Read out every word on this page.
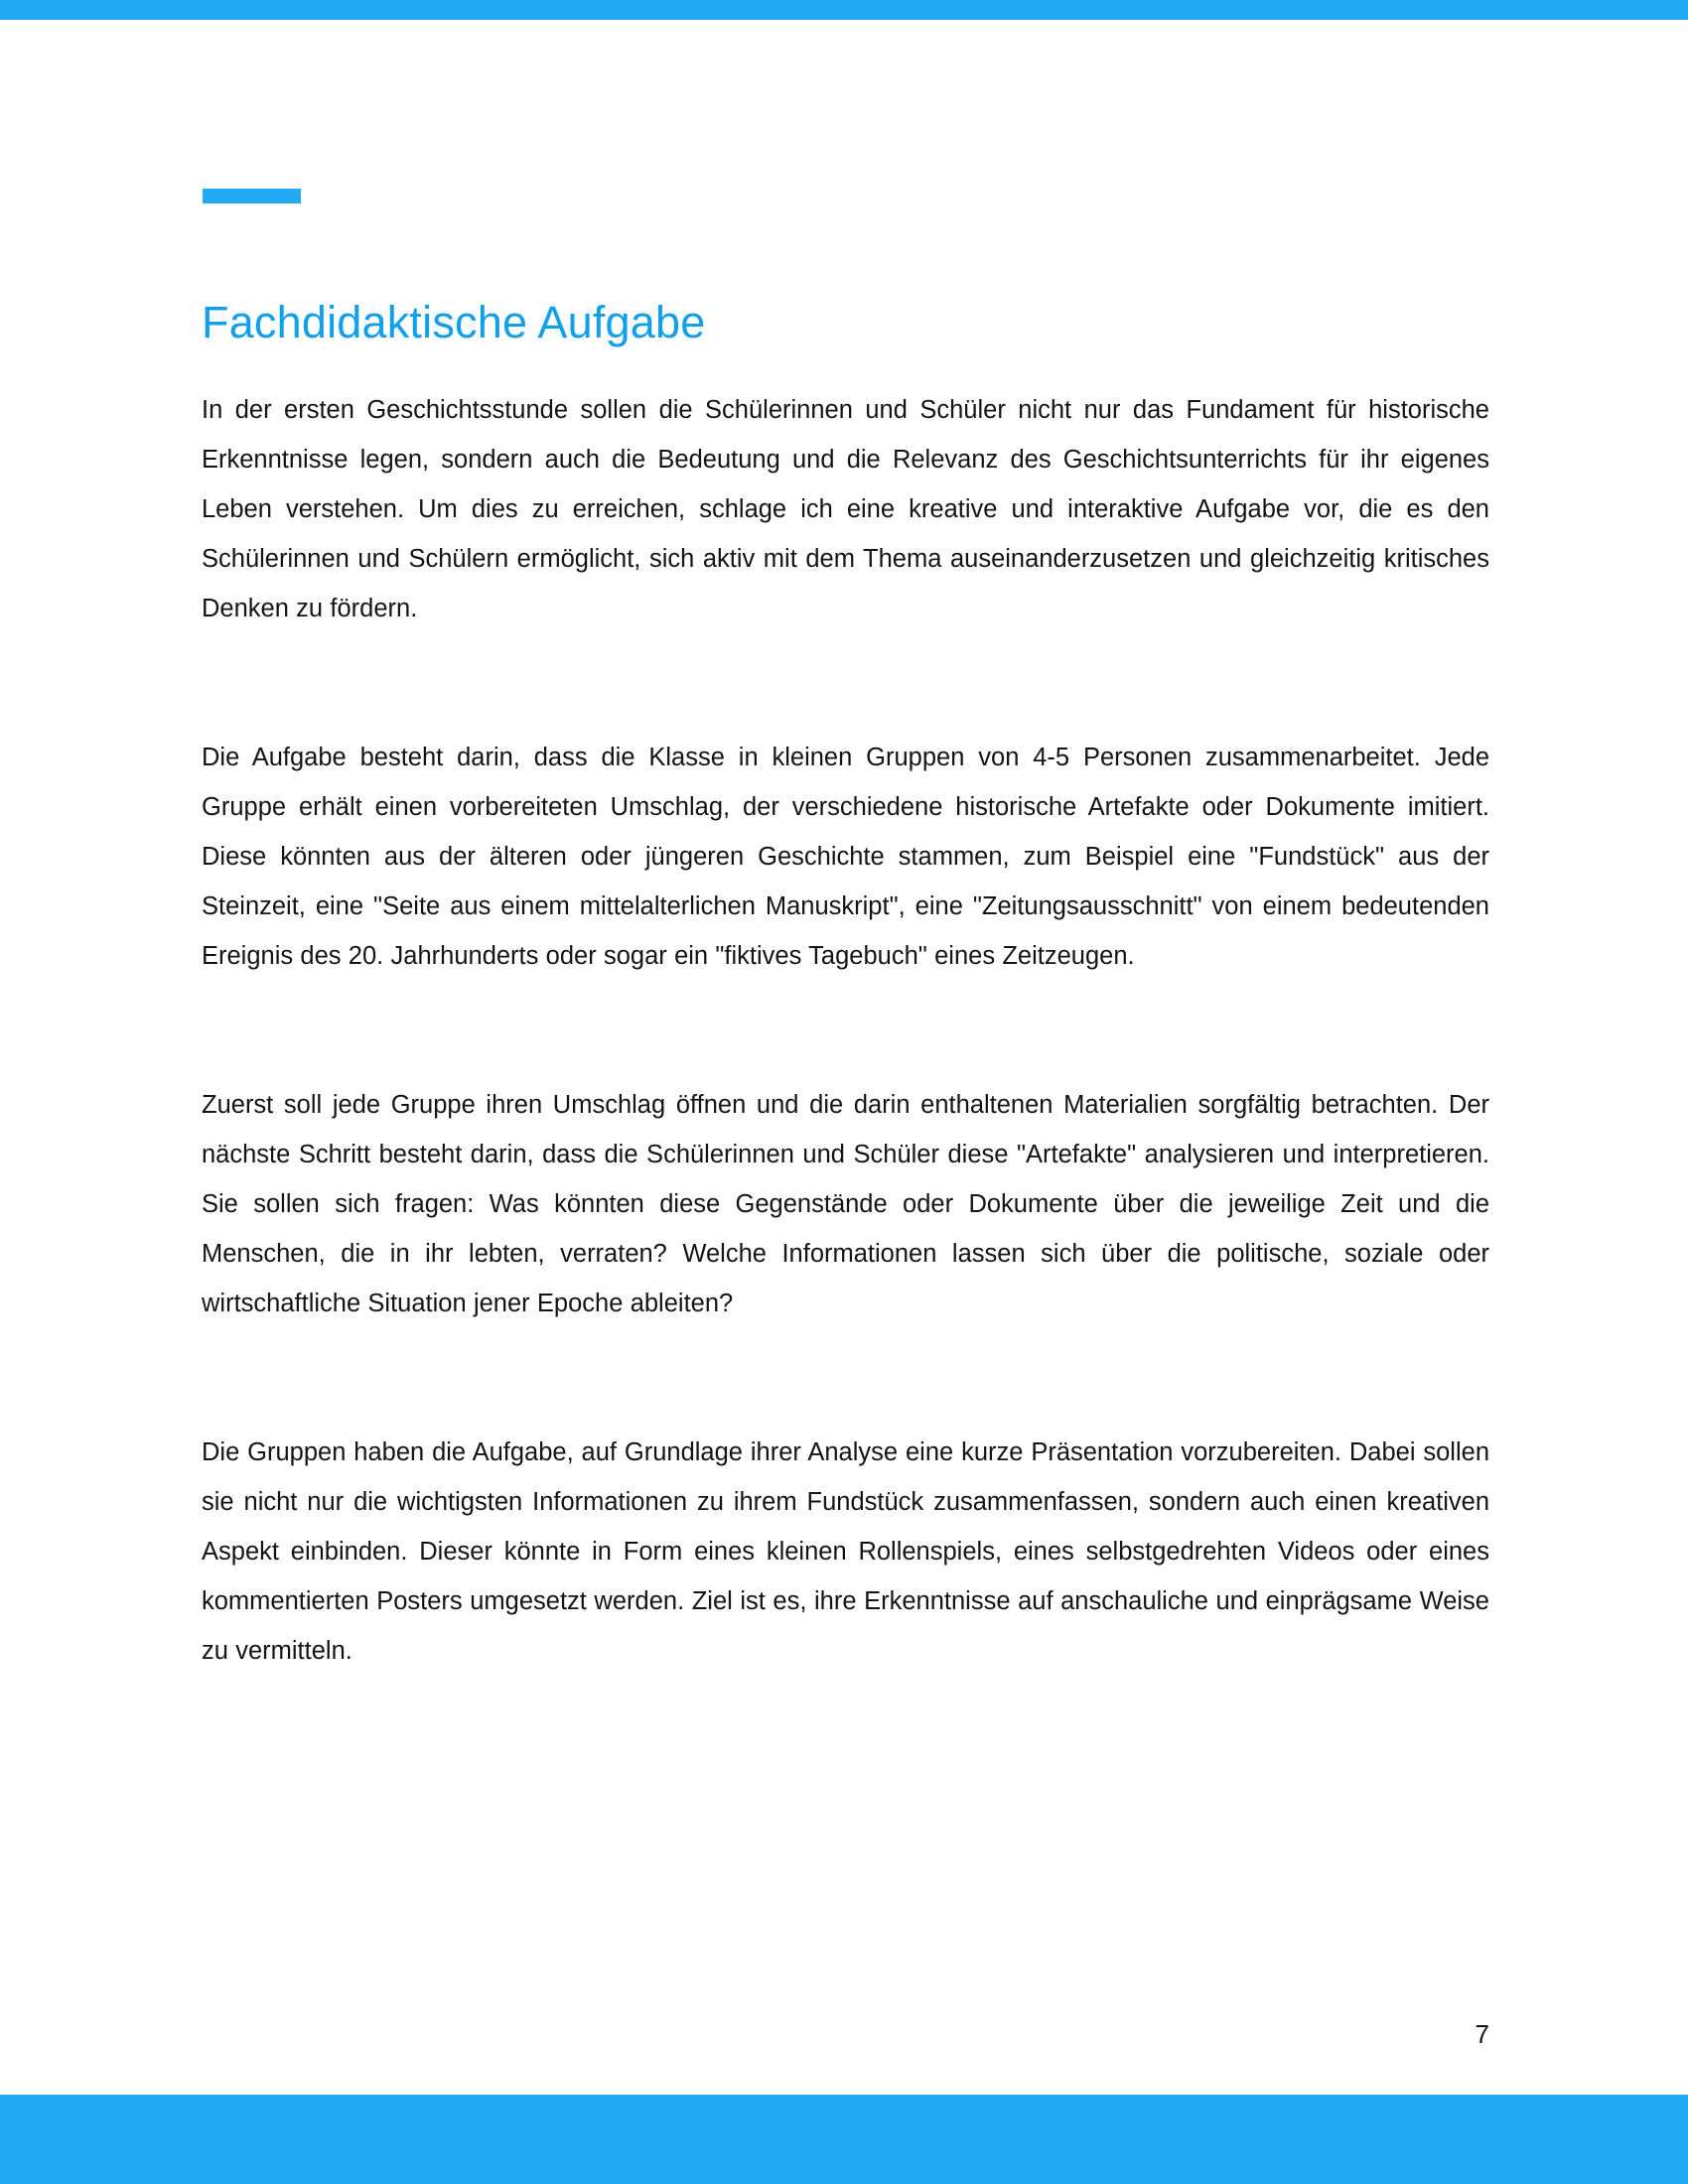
Fachdidaktische Aufgabe

In der ersten Geschichtsstunde sollen die Schülerinnen und Schüler nicht nur das Fundament für historische Erkenntnisse legen, sondern auch die Bedeutung und die Relevanz des Geschichtsunterrichts für ihr eigenes Leben verstehen. Um dies zu erreichen, schlage ich eine kreative und interaktive Aufgabe vor, die es den Schülerinnen und Schülern ermöglicht, sich aktiv mit dem Thema auseinanderzusetzen und gleichzeitig kritisches Denken zu fördern.

Die Aufgabe besteht darin, dass die Klasse in kleinen Gruppen von 4-5 Personen zusammenarbeitet. Jede Gruppe erhält einen vorbereiteten Umschlag, der verschiedene historische Artefakte oder Dokumente imitiert. Diese könnten aus der älteren oder jüngeren Geschichte stammen, zum Beispiel eine "Fundstück" aus der Steinzeit, eine "Seite aus einem mittelalterlichen Manuskript", eine "Zeitungsausschnitt" von einem bedeutenden Ereignis des 20. Jahrhunderts oder sogar ein "fiktives Tagebuch" eines Zeitzeugen.

Zuerst soll jede Gruppe ihren Umschlag öffnen und die darin enthaltenen Materialien sorgfältig betrachten. Der nächste Schritt besteht darin, dass die Schülerinnen und Schüler diese "Artefakte" analysieren und interpretieren. Sie sollen sich fragen: Was könnten diese Gegenstände oder Dokumente über die jeweilige Zeit und die Menschen, die in ihr lebten, verraten? Welche Informationen lassen sich über die politische, soziale oder wirtschaftliche Situation jener Epoche ableiten?

Die Gruppen haben die Aufgabe, auf Grundlage ihrer Analyse eine kurze Präsentation vorzubereiten. Dabei sollen sie nicht nur die wichtigsten Informationen zu ihrem Fundstück zusammenfassen, sondern auch einen kreativen Aspekt einbinden. Dieser könnte in Form eines kleinen Rollenspiels, eines selbstgedrehten Videos oder eines kommentierten Posters umgesetzt werden. Ziel ist es, ihre Erkenntnisse auf anschauliche und einprägsame Weise zu vermitteln.

7
